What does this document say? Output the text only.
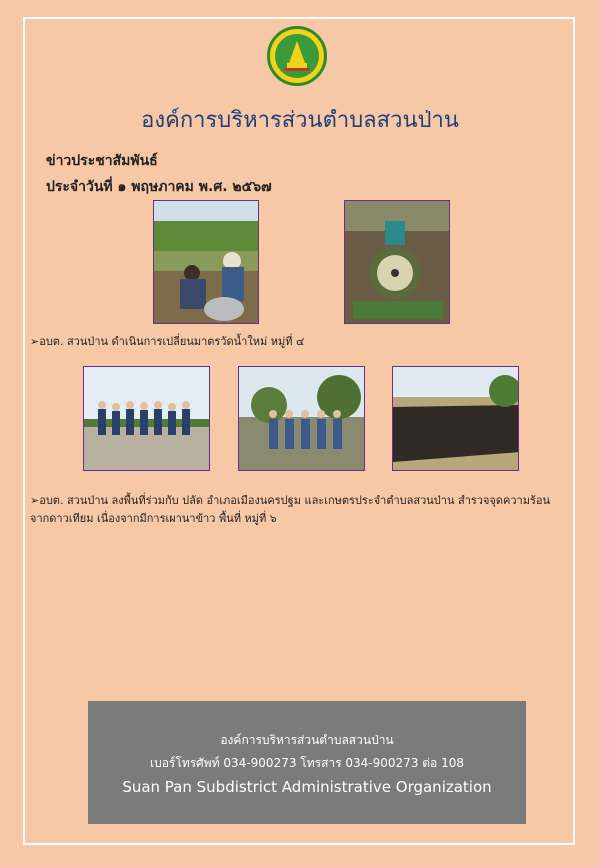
องค์การบริหารส่วนตำบลสวนป่าน
ข่าวประชาสัมพันธ์
ประจำวันที่ ๑ พฤษภาคม พ.ศ. ๒๕๖๗
➢อบต. สวนป่าน ดำเนินการเปลี่ยนมาตรวัดน้ำใหม่ หมู่ที่ ๔
➢อบต. สวนป่าน ลงพื้นที่ร่วมกับ ปลัด อำเภอเมืองนครปฐม และเกษตรประจำตำบลสวนป่าน สำรวจจุดความร้อนจากดาวเทียม เนื่องจากมีการเผานาข้าว พื้นที่ หมู่ที่ ๖
องค์การบริหารส่วนตำบลสวนป่าน
เบอร์โทรศัพท์ 034-900273 โทรสาร 034-900273 ต่อ 108
Suan Pan Subdistrict Administrative Organization
